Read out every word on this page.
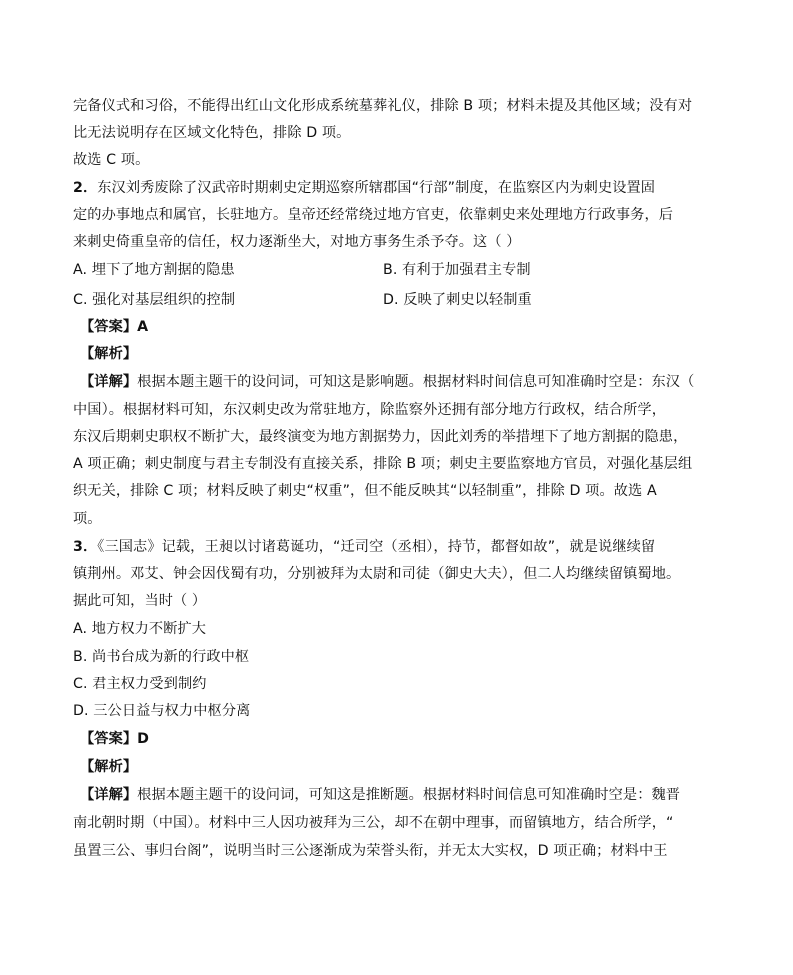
完备仪式和习俗，不能得出红山文化形成系统墓葬礼仪，排除 B 项；材料未提及其他区域；没有对
比无法说明存在区域文化特色，排除 D 项。
故选 C 项。
2．东汉刘秀废除了汉武帝时期刺史定期巡察所辖郡国“行部”制度，在监察区内为刺史设置固
定的办事地点和属官，长驻地方。皇帝还经常绕过地方官吏，依靠刺史来处理地方行政事务，后
来刺史倚重皇帝的信任，权力逐渐坐大，对地方事务生杀予夺。这（ ）
A. 埋下了地方割据的隐患	B. 有利于加强君主专制
C. 强化对基层组织的控制	D. 反映了刺史以轻制重
【答案】A
【解析】
【详解】根据本题主题干的设问词，可知这是影响题。根据材料时间信息可知准确时空是：东汉（
中国）。根据材料可知，东汉刺史改为常驻地方，除监察外还拥有部分地方行政权，结合所学，
东汉后期刺史职权不断扩大，最终演变为地方割据势力，因此刘秀的举措埋下了地方割据的隐患，
A 项正确；刺史制度与君主专制没有直接关系，排除 B 项；刺史主要监察地方官员，对强化基层组
织无关，排除 C 项；材料反映了刺史“权重”，但不能反映其“以轻制重”，排除 D 项。故选 A
项。
3．《三国志》记载，王昶以讨诸葛诞功，“迁司空（丞相），持节，都督如故”，就是说继续留
镇荆州。邓艾、钟会因伐蜀有功，分别被拜为太尉和司徒（御史大夫），但二人均继续留镇蜀地。
据此可知，当时（ ）
A. 地方权力不断扩大
B. 尚书台成为新的行政中枢
C. 君主权力受到制约
D. 三公日益与权力中枢分离
【答案】D
【解析】
【详解】根据本题主题干的设问词，可知这是推断题。根据材料时间信息可知准确时空是：魏晋
南北朝时期（中国）。材料中三人因功被拜为三公，却不在朝中理事，而留镇地方，结合所学，“
虽置三公、事归台阁”，说明当时三公逐渐成为荣誉头衔，并无太大实权，D 项正确；材料中王
